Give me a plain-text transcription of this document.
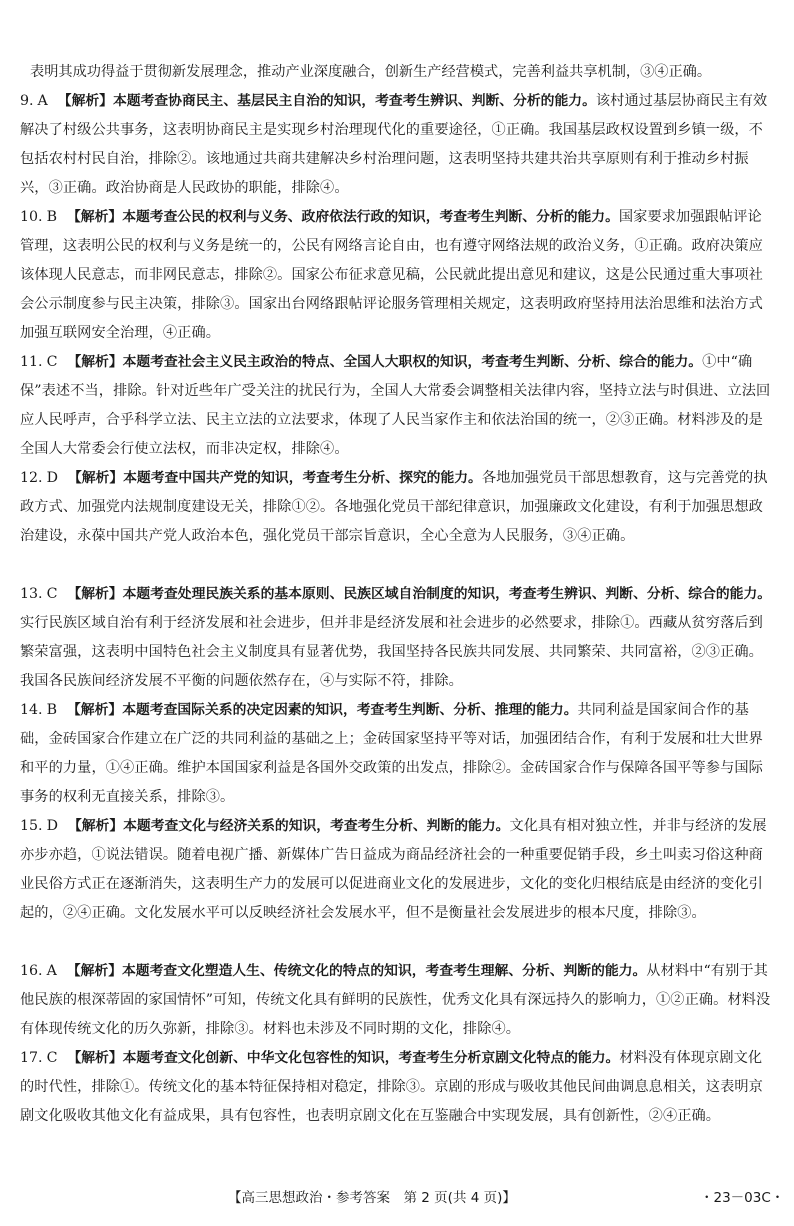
表明其成功得益于贯彻新发展理念，推动产业深度融合，创新生产经营模式，完善利益共享机制，③④正确。

9. A 【解析】本题考查协商民主、基层民主自治的知识，考查考生辨识、判断、分析的能力。该村通过基层协商民主有效解决了村级公共事务，这表明协商民主是实现乡村治理现代化的重要途径，①正确。我国基层政权设置到乡镇一级，不包括农村村民自治，排除②。该地通过共商共建解决乡村治理问题，这表明坚持共建共治共享原则有利于推动乡村振兴，③正确。政治协商是人民政协的职能，排除④。

10. B 【解析】本题考查公民的权利与义务、政府依法行政的知识，考查考生判断、分析的能力。国家要求加强跟帖评论管理，这表明公民的权利与义务是统一的，公民有网络言论自由，也有遵守网络法规的政治义务，①正确。政府决策应该体现人民意志，而非网民意志，排除②。国家公布征求意见稿，公民就此提出意见和建议，这是公民通过重大事项社会公示制度参与民主决策，排除③。国家出台网络跟帖评论服务管理相关规定，这表明政府坚持用法治思维和法治方式加强互联网安全治理，④正确。

11. C 【解析】本题考查社会主义民主政治的特点、全国人大职权的知识，考查考生判断、分析、综合的能力。①中“确保”表述不当，排除。针对近些年广受关注的扰民行为，全国人大常委会调整相关法律内容，坚持立法与时俱进、立法回应人民呼声，合乎科学立法、民主立法的立法要求，体现了人民当家作主和依法治国的统一，②③正确。材料涉及的是全国人大常委会行使立法权，而非决定权，排除④。

12. D 【解析】本题考查中国共产党的知识，考查考生分析、探究的能力。各地加强党员干部思想教育，这与完善党的执政方式、加强党内法规制度建设无关，排除①②。各地强化党员干部纪律意识，加强廉政文化建设，有利于加强思想政治建设，永葆中国共产党人政治本色，强化党员干部宗旨意识，全心全意为人民服务，③④正确。

13. C 【解析】本题考查处理民族关系的基本原则、民族区域自治制度的知识，考查考生辨识、判断、分析、综合的能力。实行民族区域自治有利于经济发展和社会进步，但并非是经济发展和社会进步的必然要求，排除①。西藏从贫穷落后到繁荣富强，这表明中国特色社会主义制度具有显著优势，我国坚持各民族共同发展、共同繁荣、共同富裕，②③正确。我国各民族间经济发展不平衡的问题依然存在，④与实际不符，排除。

14. B 【解析】本题考查国际关系的决定因素的知识，考查考生判断、分析、推理的能力。共同利益是国家间合作的基础，金砖国家合作建立在广泛的共同利益的基础之上；金砖国家坚持平等对话，加强团结合作，有利于发展和壮大世界和平的力量，①④正确。维护本国国家利益是各国外交政策的出发点，排除②。金砖国家合作与保障各国平等参与国际事务的权利无直接关系，排除③。

15. D 【解析】本题考查文化与经济关系的知识，考查考生分析、判断的能力。文化具有相对独立性，并非与经济的发展亦步亦趋，①说法错误。随着电视广播、新媒体广告日益成为商品经济社会的一种重要促销手段，乡土叫卖习俗这种商业民俗方式正在逐渐消失，这表明生产力的发展可以促进商业文化的发展进步，文化的变化归根结底是由经济的变化引起的，②④正确。文化发展水平可以反映经济社会发展水平，但不是衡量社会发展进步的根本尺度，排除③。

16. A 【解析】本题考查文化塑造人生、传统文化的特点的知识，考查考生理解、分析、判断的能力。从材料中“有别于其他民族的根深蒂固的家国情怀”可知，传统文化具有鲜明的民族性，优秀文化具有深远持久的影响力，①②正确。材料没有体现传统文化的历久弥新，排除③。材料也未涉及不同时期的文化，排除④。

17. C 【解析】本题考查文化创新、中华文化包容性的知识，考查考生分析京剧文化特点的能力。材料没有体现京剧文化的时代性，排除①。传统文化的基本特征保持相对稳定，排除③。京剧的形成与吸收其他民间曲调息息相关，这表明京剧文化吸收其他文化有益成果，具有包容性，也表明京剧文化在互鉴融合中实现发展，具有创新性，②④正确。

【高三思想政治・参考答案　第 2 页(共 4 页)】	・23－03C・
